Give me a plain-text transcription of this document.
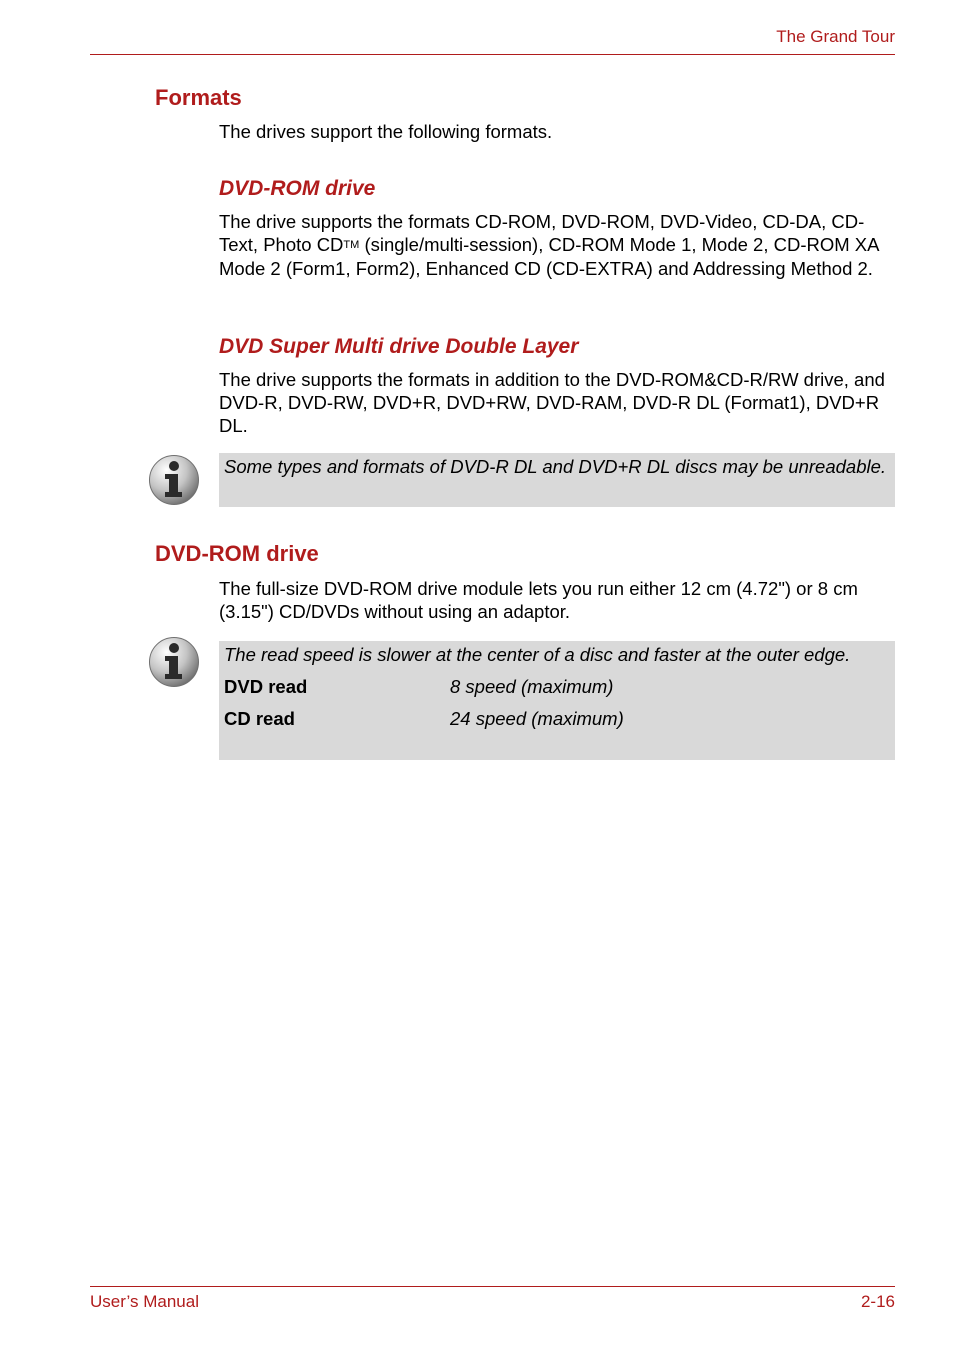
The Grand Tour
Formats

The drives support the following formats.

DVD-ROM drive

The drive supports the formats CD-ROM, DVD-ROM, DVD-Video, CD-DA, CD-Text, Photo CD™ (single/multi-session), CD-ROM Mode 1, Mode 2, CD-ROM XA Mode 2 (Form1, Form2), Enhanced CD (CD-EXTRA) and Addressing Method 2.

DVD Super Multi drive Double Layer

The drive supports the formats in addition to the DVD-ROM&CD-R/RW drive, and DVD-R, DVD-RW, DVD+R, DVD+RW, DVD-RAM, DVD-R DL (Format1), DVD+R DL.

Some types and formats of DVD-R DL and DVD+R DL discs may be unreadable.
DVD-ROM drive

The full-size DVD-ROM drive module lets you run either 12 cm (4.72") or 8 cm (3.15") CD/DVDs without using an adaptor.

The read speed is slower at the center of a disc and faster at the outer edge.
DVD read	8 speed (maximum)
CD read	24 speed (maximum)
User’s Manual	2-16
